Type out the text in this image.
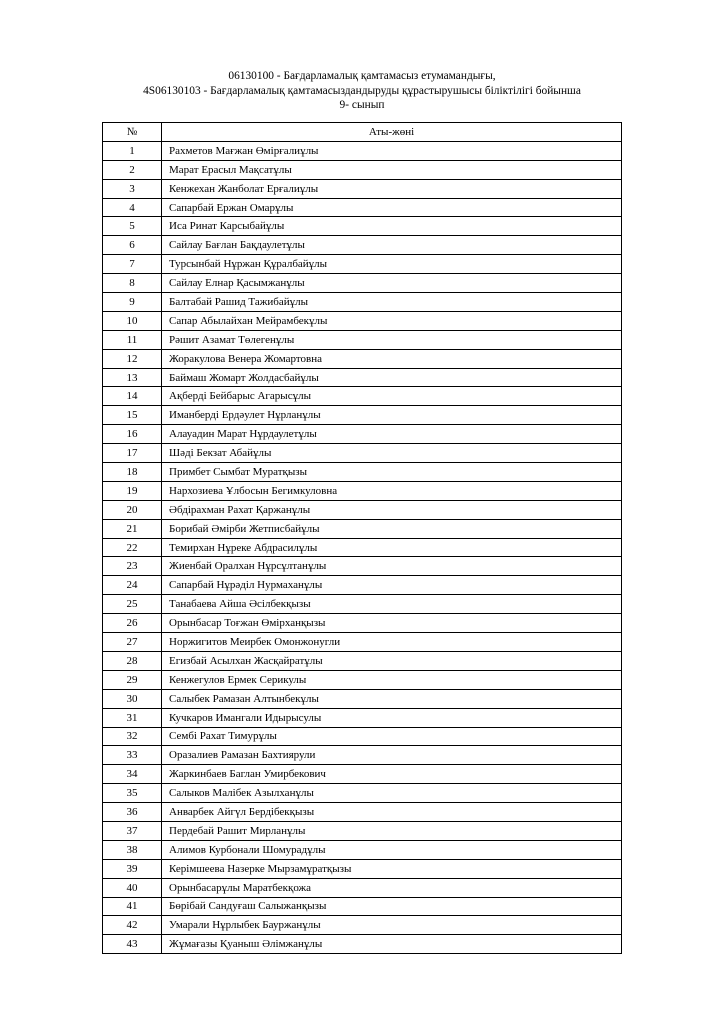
06130100 - Бағдарламалық қамтамасыз етумамандығы,
4S06130103 - Бағдарламалық қамтамасыздандыруды құрастырушысы біліктілігі бойынша
9- сынып
№	Аты-жөні
1	Рахметов Мағжан Өмірғалиұлы
2	Марат Ерасыл Мақсатұлы
3	Кенжехан Жанболат Ерғалиұлы
4	Сапарбай Ержан Омарұлы
5	Иса Ринат Карсыбайұлы
6	Сайлау Бағлан Бақдаулетұлы
7	Турсынбай Нұржан Құралбайұлы
8	Сайлау Елнар Қасымжанұлы
9	Балтабай Рашид Тажибайұлы
10	Сапар Абылайхан Мейрамбекұлы
11	Рәшит Азамат Төлегенұлы
12	Жоракулова Венера Жомартовна
13	Баймаш Жомарт Жолдасбайұлы
14	Ақберді Бейбарыс Агарысұлы
15	Иманберді Ердәулет Нұрланұлы
16	Алауадин Марат Нұрдаулетұлы
17	Шәді Бекзат Абайұлы
18	Примбет Сымбат Муратқызы
19	Нархозиева Ұлбосын Бегимкуловна
20	Әбдірахман Рахат Қаржанұлы
21	Борибай Әмірби Жетписбайұлы
22	Темирхан Нұреке Абдрасилұлы
23	Жиенбай Оралхан Нұрсұлтанұлы
24	Сапарбай Нұрәділ Нурмаханұлы
25	Танабаева Айша Әсілбекқызы
26	Орынбасар Тоғжан Өмірханқызы
27	Норжигитов Меирбек Омонжонугли
28	Егизбай Асылхан Жасқайратұлы
29	Кенжегулов Ермек Серикулы
30	Салыбек Рамазан Алтынбекұлы
31	Кучкаров Имангали Идырысулы
32	Сембі Рахат Тимурұлы
33	Оразалиев Рамазан Бахтиярули
34	Жаркинбаев Баглан Умирбекович
35	Салыков Малібек Азылханұлы
36	Анварбек Айгүл Бердібекқызы
37	Пердебай Рашит Мирланұлы
38	Алимов Курбонали Шомурадұлы
39	Керімшеева Назерке Мырзамұратқызы
40	Орынбасарұлы Маратбекқожа
41	Бөрібай Сандуғаш Салыжанқызы
42	Умарали Нұрлыбек Бауржанұлы
43	Жұмағазы Қуаныш Әлімжанұлы
